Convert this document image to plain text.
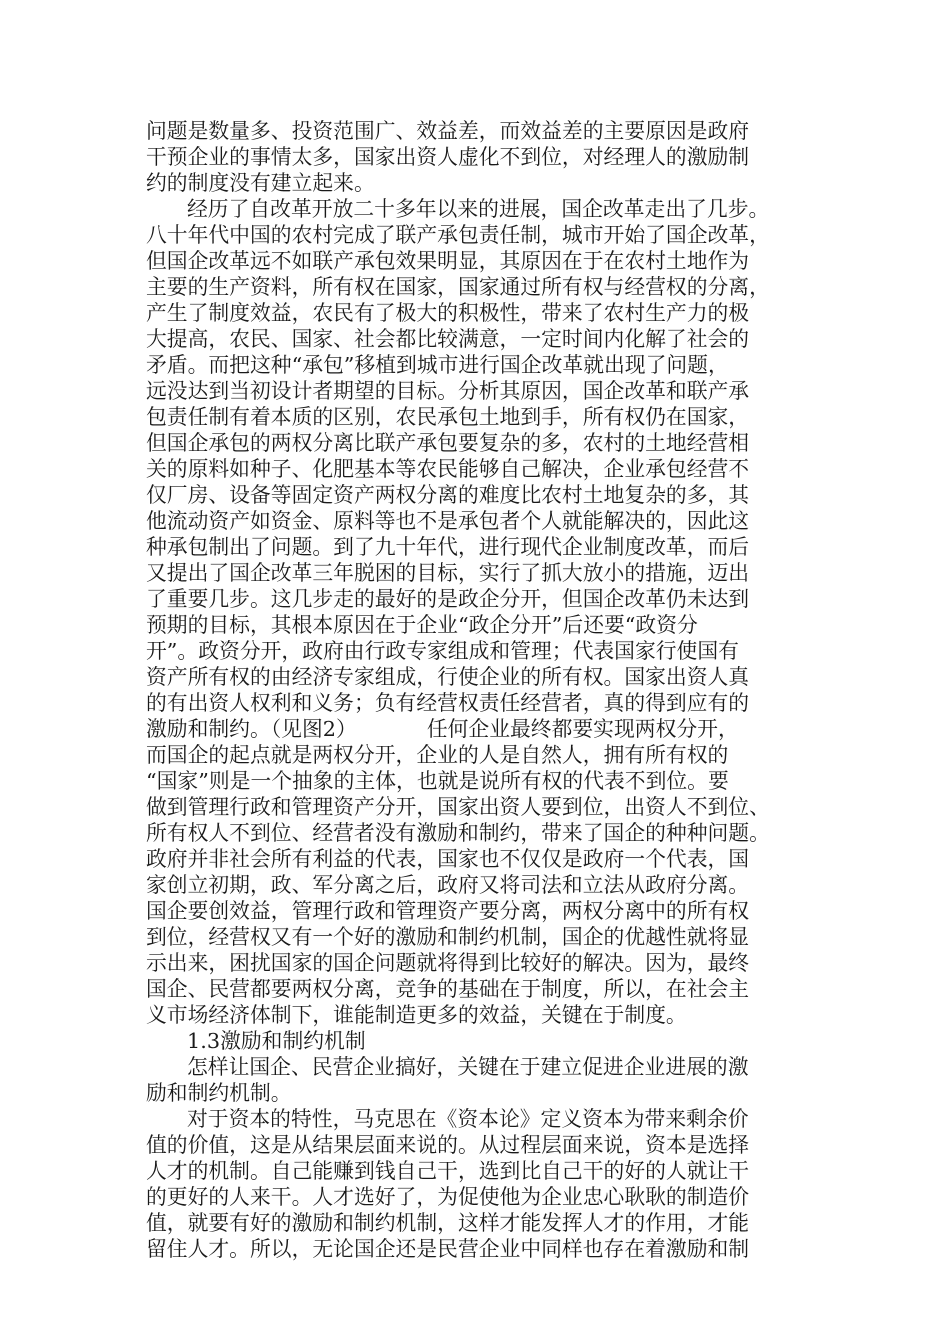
问题是数量多、投资范围广、效益差，而效益差的主要原因是政府
干预企业的事情太多，国家出资人虚化不到位，对经理人的激励制
约的制度没有建立起来。
经历了自改革开放二十多年以来的进展，国企改革走出了几步。
八十年代中国的农村完成了联产承包责任制，城市开始了国企改革，
但国企改革远不如联产承包效果明显，其原因在于在农村土地作为
主要的生产资料，所有权在国家，国家通过所有权与经营权的分离，
产生了制度效益，农民有了极大的积极性，带来了农村生产力的极
大提高，农民、国家、社会都比较满意，一定时间内化解了社会的
矛盾。而把这种“承包”移植到城市进行国企改革就出现了问题，
远没达到当初设计者期望的目标。分析其原因，国企改革和联产承
包责任制有着本质的区别，农民承包土地到手，所有权仍在国家，
但国企承包的两权分离比联产承包要复杂的多，农村的土地经营相
关的原料如种子、化肥基本等农民能够自己解决，企业承包经营不
仅厂房、设备等固定资产两权分离的难度比农村土地复杂的多，其
他流动资产如资金、原料等也不是承包者个人就能解决的，因此这
种承包制出了问题。到了九十年代，进行现代企业制度改革，而后
又提出了国企改革三年脱困的目标，实行了抓大放小的措施，迈出
了重要几步。这几步走的最好的是政企分开，但国企改革仍未达到
预期的目标，其根本原因在于企业“政企分开”后还要“政资分
开”。政资分开，政府由行政专家组成和管理；代表国家行使国有
资产所有权的由经济专家组成，行使企业的所有权。国家出资人真
的有出资人权利和义务；负有经营权责任经营者，真的得到应有的
激励和制约。（见图2）	任何企业最终都要实现两权分开，
而国企的起点就是两权分开，企业的人是自然人，拥有所有权的
“国家”则是一个抽象的主体，也就是说所有权的代表不到位。要
做到管理行政和管理资产分开，国家出资人要到位，出资人不到位、
所有权人不到位、经营者没有激励和制约，带来了国企的种种问题。
政府并非社会所有利益的代表，国家也不仅仅是政府一个代表，国
家创立初期，政、军分离之后，政府又将司法和立法从政府分离。
国企要创效益，管理行政和管理资产要分离，两权分离中的所有权
到位，经营权又有一个好的激励和制约机制，国企的优越性就将显
示出来，困扰国家的国企问题就将得到比较好的解决。因为，最终
国企、民营都要两权分离，竞争的基础在于制度，所以，在社会主
义市场经济体制下，谁能制造更多的效益，关键在于制度。
1.3激励和制约机制
怎样让国企、民营企业搞好，关键在于建立促进企业进展的激
励和制约机制。
对于资本的特性，马克思在《资本论》定义资本为带来剩余价
值的价值，这是从结果层面来说的。从过程层面来说，资本是选择
人才的机制。自己能赚到钱自己干，选到比自己干的好的人就让干
的更好的人来干。人才选好了，为促使他为企业忠心耿耿的制造价
值，就要有好的激励和制约机制，这样才能发挥人才的作用，才能
留住人才。所以，无论国企还是民营企业中同样也存在着激励和制
